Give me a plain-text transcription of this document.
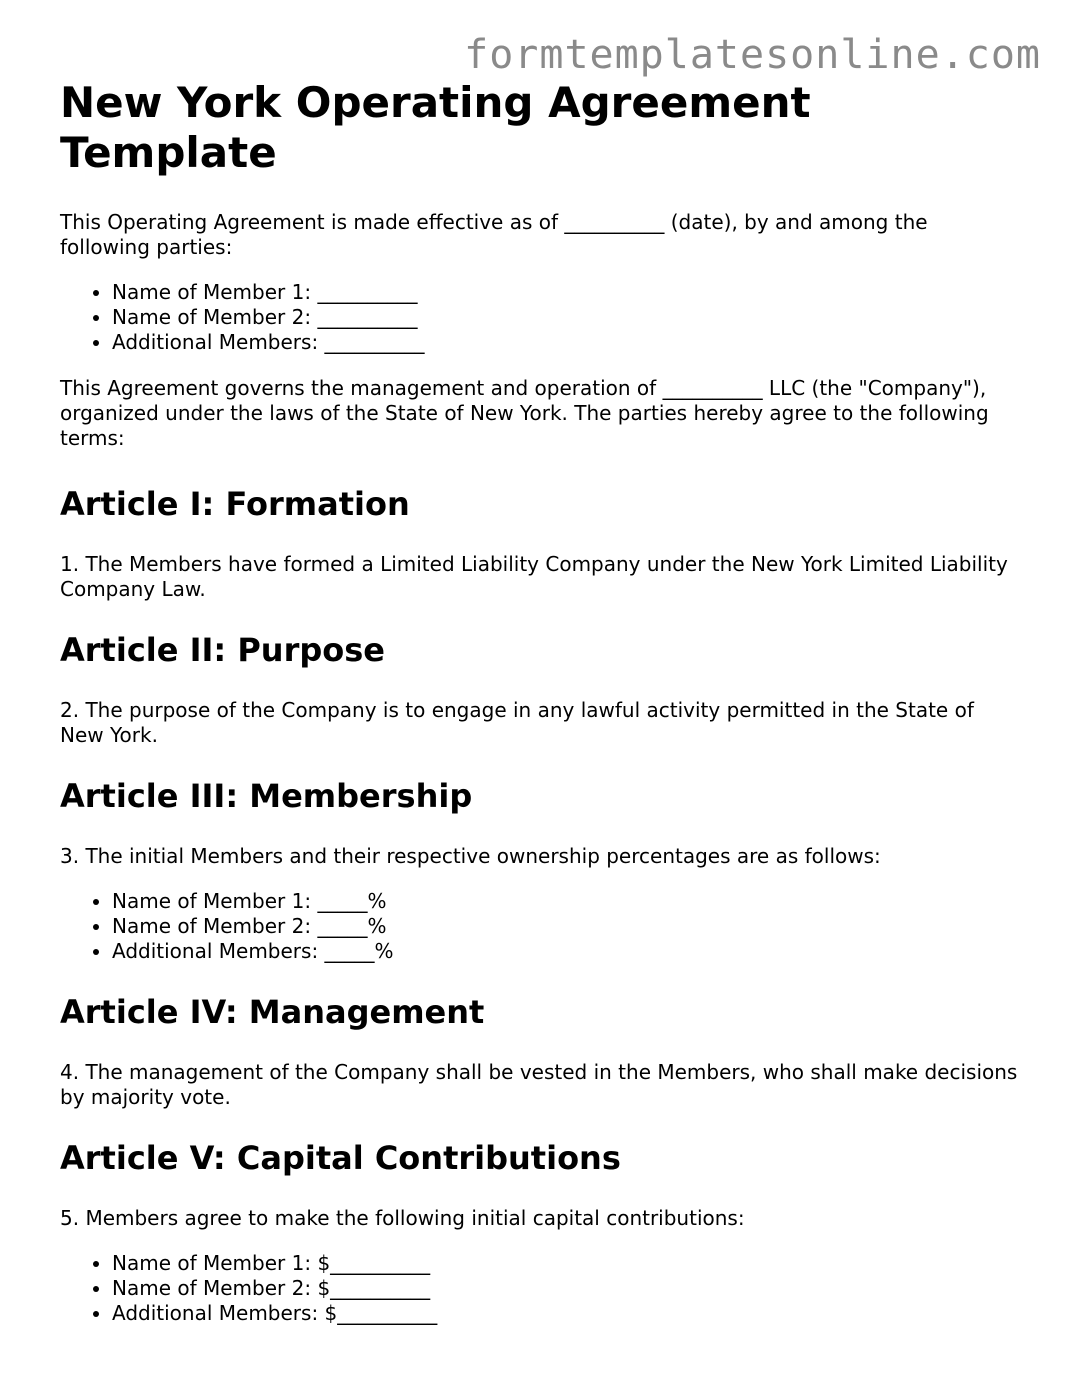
formtemplatesonline.com
New York Operating Agreement Template

This Operating Agreement is made effective as of __________ (date), by and among the following parties:

• Name of Member 1: __________
• Name of Member 2: __________
• Additional Members: __________

This Agreement governs the management and operation of __________ LLC (the "Company"), organized under the laws of the State of New York. The parties hereby agree to the following terms:

Article I: Formation

1. The Members have formed a Limited Liability Company under the New York Limited Liability Company Law.

Article II: Purpose

2. The purpose of the Company is to engage in any lawful activity permitted in the State of New York.

Article III: Membership

3. The initial Members and their respective ownership percentages are as follows:

• Name of Member 1: _____%
• Name of Member 2: _____%
• Additional Members: _____%
Article IV: Management

4. The management of the Company shall be vested in the Members, who shall make decisions by majority vote.

Article V: Capital Contributions

5. Members agree to make the following initial capital contributions:

• Name of Member 1: $__________
• Name of Member 2: $__________
• Additional Members: $__________
